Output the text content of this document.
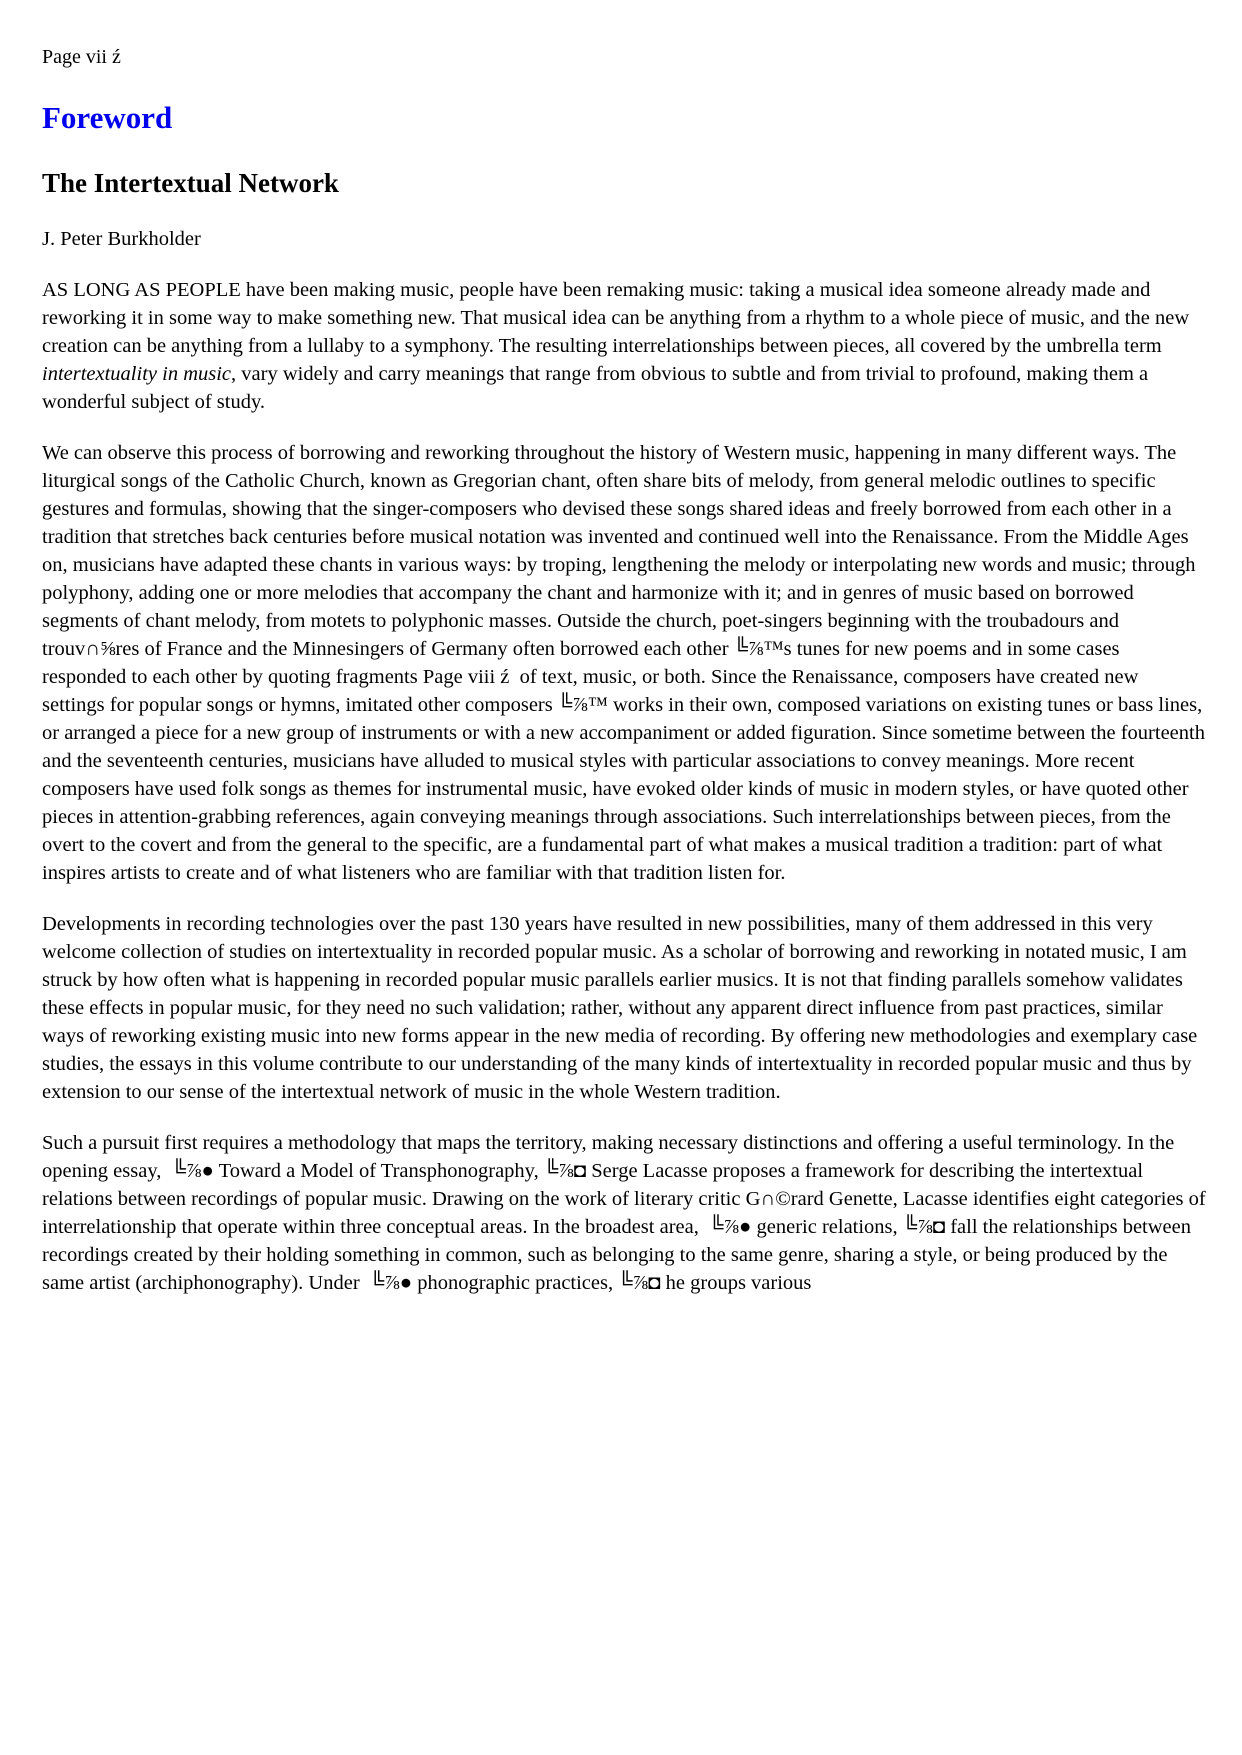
Page vii ź
Foreword
The Intertextual Network

J. Peter Burkholder

AS LONG AS PEOPLE have been making music, people have been remaking music: taking a musical idea someone already made and reworking it in some way to make something new. That musical idea can be anything from a rhythm to a whole piece of music, and the new creation can be anything from a lullaby to a symphony. The resulting interrelationships between pieces, all covered by the umbrella term intertextuality in music, vary widely and carry meanings that range from obvious to subtle and from trivial to profound, making them a wonderful subject of study.

We can observe this process of borrowing and reworking throughout the history of Western music, happening in many different ways. The liturgical songs of the Catholic Church, known as Gregorian chant, often share bits of melody, from general melodic outlines to specific gestures and formulas, showing that the singer-composers who devised these songs shared ideas and freely borrowed from each other in a tradition that stretches back centuries before musical notation was invented and continued well into the Renaissance. From the Middle Ages on, musicians have adapted these chants in various ways: by troping, lengthening the melody or interpolating new words and music; through polyphony, adding one or more melodies that accompany the chant and harmonize with it; and in genres of music based on borrowed segments of chant melody, from motets to polyphonic masses. Outside the church, poet-singers beginning with the troubadours and trouv∩⅝res of France and the Minnesingers of Germany often borrowed each other ╚⅞™s tunes for new poems and in some cases responded to each other by quoting fragments Page viii ź  of text, music, or both. Since the Renaissance, composers have created new settings for popular songs or hymns, imitated other composers ╚⅞™ works in their own, composed variations on existing tunes or bass lines, or arranged a piece for a new group of instruments or with a new accompaniment or added figuration. Since sometime between the fourteenth and the seventeenth centuries, musicians have alluded to musical styles with particular associations to convey meanings. More recent composers have used folk songs as themes for instrumental music, have evoked older kinds of music in modern styles, or have quoted other pieces in attention-grabbing references, again conveying meanings through associations. Such interrelationships between pieces, from the overt to the covert and from the general to the specific, are a fundamental part of what makes a musical tradition a tradition: part of what inspires artists to create and of what listeners who are familiar with that tradition listen for.

Developments in recording technologies over the past 130 years have resulted in new possibilities, many of them addressed in this very welcome collection of studies on intertextuality in recorded popular music. As a scholar of borrowing and reworking in notated music, I am struck by how often what is happening in recorded popular music parallels earlier musics. It is not that finding parallels somehow validates these effects in popular music, for they need no such validation; rather, without any apparent direct influence from past practices, similar ways of reworking existing music into new forms appear in the new media of recording. By offering new methodologies and exemplary case studies, the essays in this volume contribute to our understanding of the many kinds of intertextuality in recorded popular music and thus by extension to our sense of the intertextual network of music in the whole Western tradition.

Such a pursuit first requires a methodology that maps the territory, making necessary distinctions and offering a useful terminology. In the opening essay,  ╚⅞● Toward a Model of Transphonography, ╚⅞◘ Serge Lacasse proposes a framework for describing the intertextual relations between recordings of popular music. Drawing on the work of literary critic G∩©rard Genette, Lacasse identifies eight categories of interrelationship that operate within three conceptual areas. In the broadest area,  ╚⅞● generic relations, ╚⅞◘ fall the relationships between recordings created by their holding something in common, such as belonging to the same genre, sharing a style, or being produced by the same artist (archiphonography). Under  ╚⅞● phonographic practices, ╚⅞◘ he groups various
